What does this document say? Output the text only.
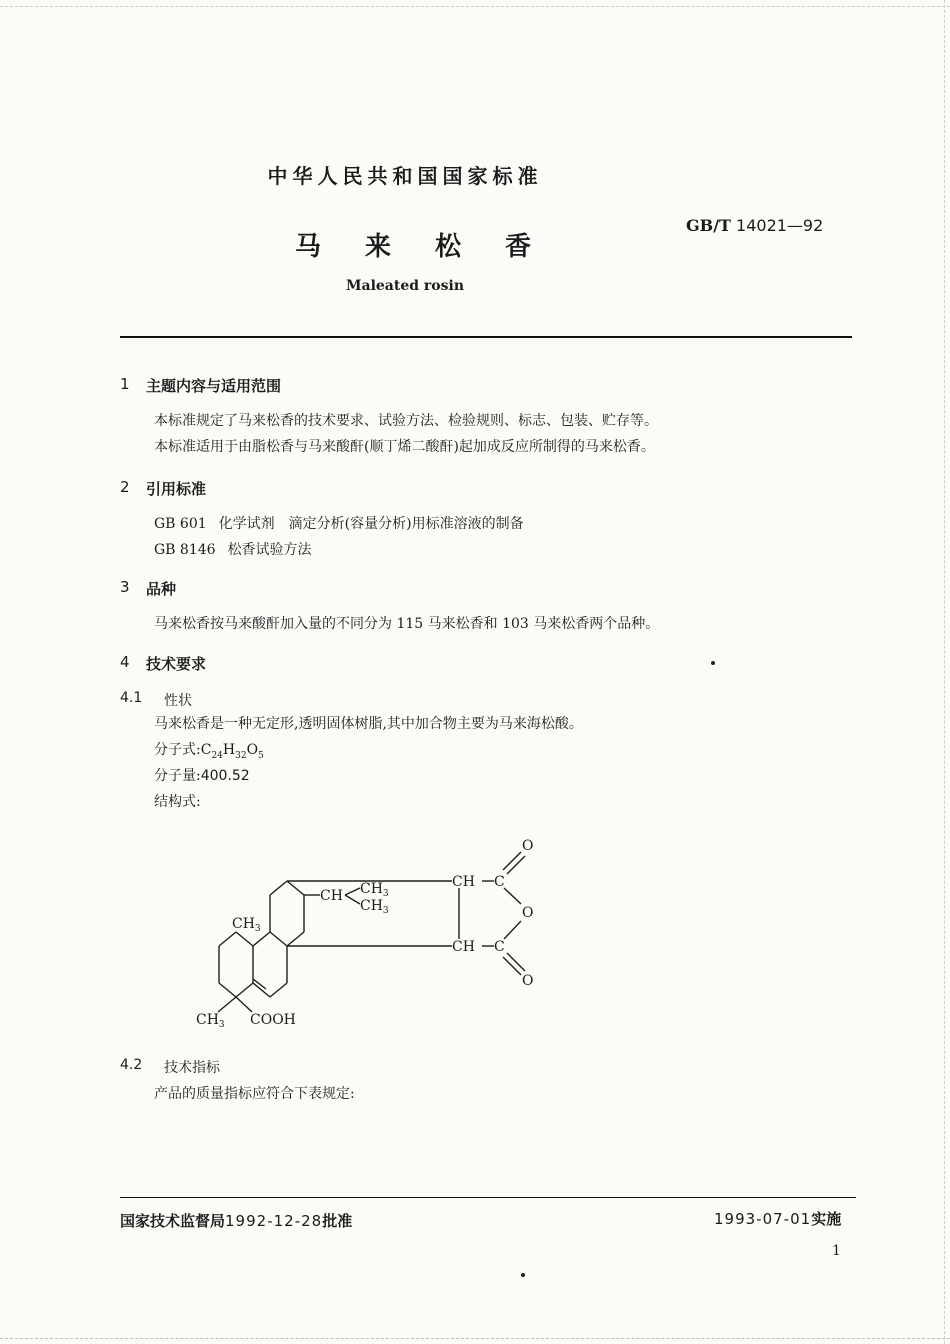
中华人民共和国国家标准
GB/T 14021—92
马来松香
Maleated rosin
1 主题内容与适用范围
本标准规定了马来松香的技术要求、试验方法、检验规则、标志、包装、贮存等。
本标准适用于由脂松香与马来酸酐(顺丁烯二酸酐)起加成反应所制得的马来松香。
2 引用标准
GB 601 化学试剂　滴定分析(容量分析)用标准溶液的制备
GB 8146 松香试验方法
3 品种
马来松香按马来酸酐加入量的不同分为 115 马来松香和 103 马来松香两个品种。
4 技术要求
4.1 性状
马来松香是一种无定形,透明固体树脂,其中加合物主要为马来海松酸。
分子式$:C_{24}H_{32}O_5$
分子量:400.52
结构式:
$CH_3$
CH $CH_3$
$CH_3$
CH
CH
C
C
O
O
O
$CH_3$ COOH
4.2 技术指标
产品的质量指标应符合下表规定:
国家技术监督局1992-12-28批准	1993-07-01实施
1
